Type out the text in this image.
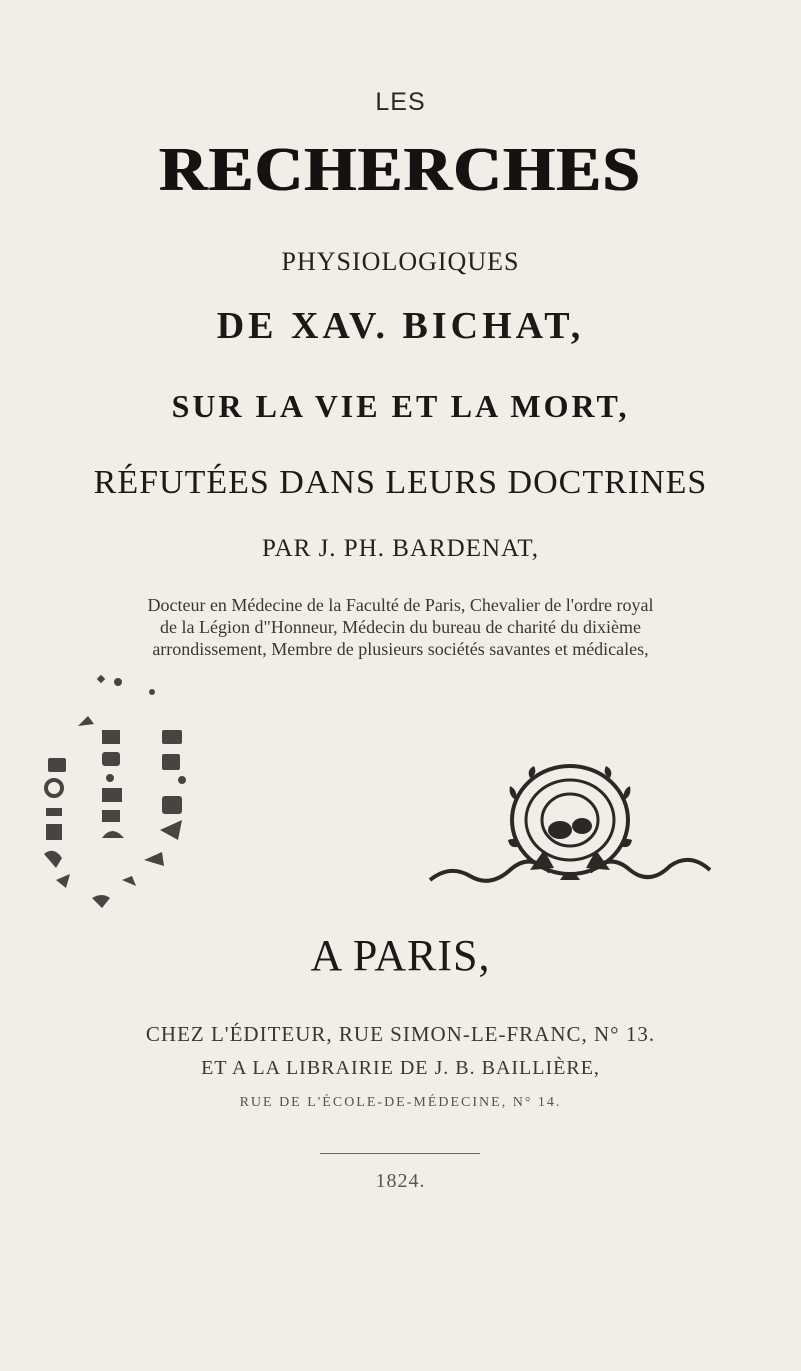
LES
RECHERCHES
PHYSIOLOGIQUES
DE XAV. BICHAT,
SUR LA VIE ET LA MORT,
RÉFUTÉES DANS LEURS DOCTRINES
PAR J. PH. BARDENAT,
Docteur en Médecine de la Faculté de Paris, Chevalier de l'ordre royal
de la Légion d"Honneur, Médecin du bureau de charité du dixième
arrondissement, Membre de plusieurs sociétés savantes et médicales,
A PARIS,
CHEZ L'ÉDITEUR, RUE SIMON-LE-FRANC, N° 13.
ET A LA LIBRAIRIE DE J. B. BAILLIÈRE,
RUE DE L'ÉCOLE-DE-MÉDECINE, N° 14.
1824.
